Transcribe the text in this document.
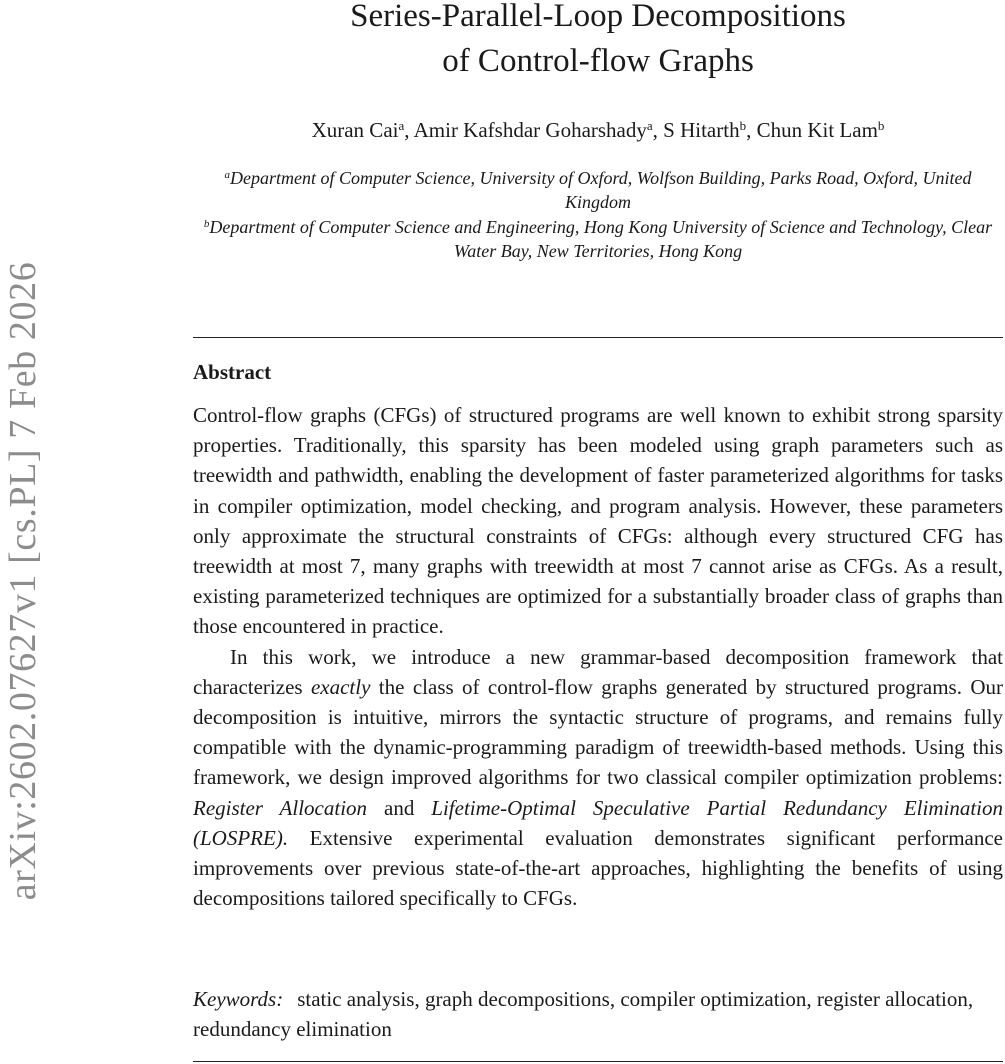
arXiv:2602.07627v1 [cs.PL] 7 Feb 2026
Series-Parallel-Loop Decompositions
of Control-flow Graphs
Xuran Cai$^a$, Amir Kafshdar Goharshady$^a$, S Hitarth$^b$, Chun Kit Lam$^b$
$^a$Department of Computer Science, University of Oxford, Wolfson Building, Parks Road, Oxford, United Kingdom
$^b$Department of Computer Science and Engineering, Hong Kong University of Science and Technology, Clear Water Bay, New Territories, Hong Kong
Abstract

Control-flow graphs (CFGs) of structured programs are well known to exhibit strong sparsity properties. Traditionally, this sparsity has been modeled using graph parameters such as treewidth and pathwidth, enabling the development of faster parameterized algorithms for tasks in compiler optimization, model checking, and program analysis. However, these parameters only approximate the structural constraints of CFGs: although every structured CFG has treewidth at most 7, many graphs with treewidth at most 7 cannot arise as CFGs. As a result, existing parameterized techniques are optimized for a substantially broader class of graphs than those encountered in practice.

In this work, we introduce a new grammar-based decomposition framework that characterizes exactly the class of control-flow graphs generated by structured programs. Our decomposition is intuitive, mirrors the syntactic structure of programs, and remains fully compatible with the dynamic-programming paradigm of treewidth-based methods. Using this framework, we design improved algorithms for two classical compiler optimization problems: Register Allocation and Lifetime-Optimal Speculative Partial Redundancy Elimination (LOSPRE). Extensive experimental evaluation demonstrates significant performance improvements over previous state-of-the-art approaches, highlighting the benefits of using decompositions tailored specifically to CFGs.

Keywords: static analysis, graph decompositions, compiler optimization, register allocation, redundancy elimination
